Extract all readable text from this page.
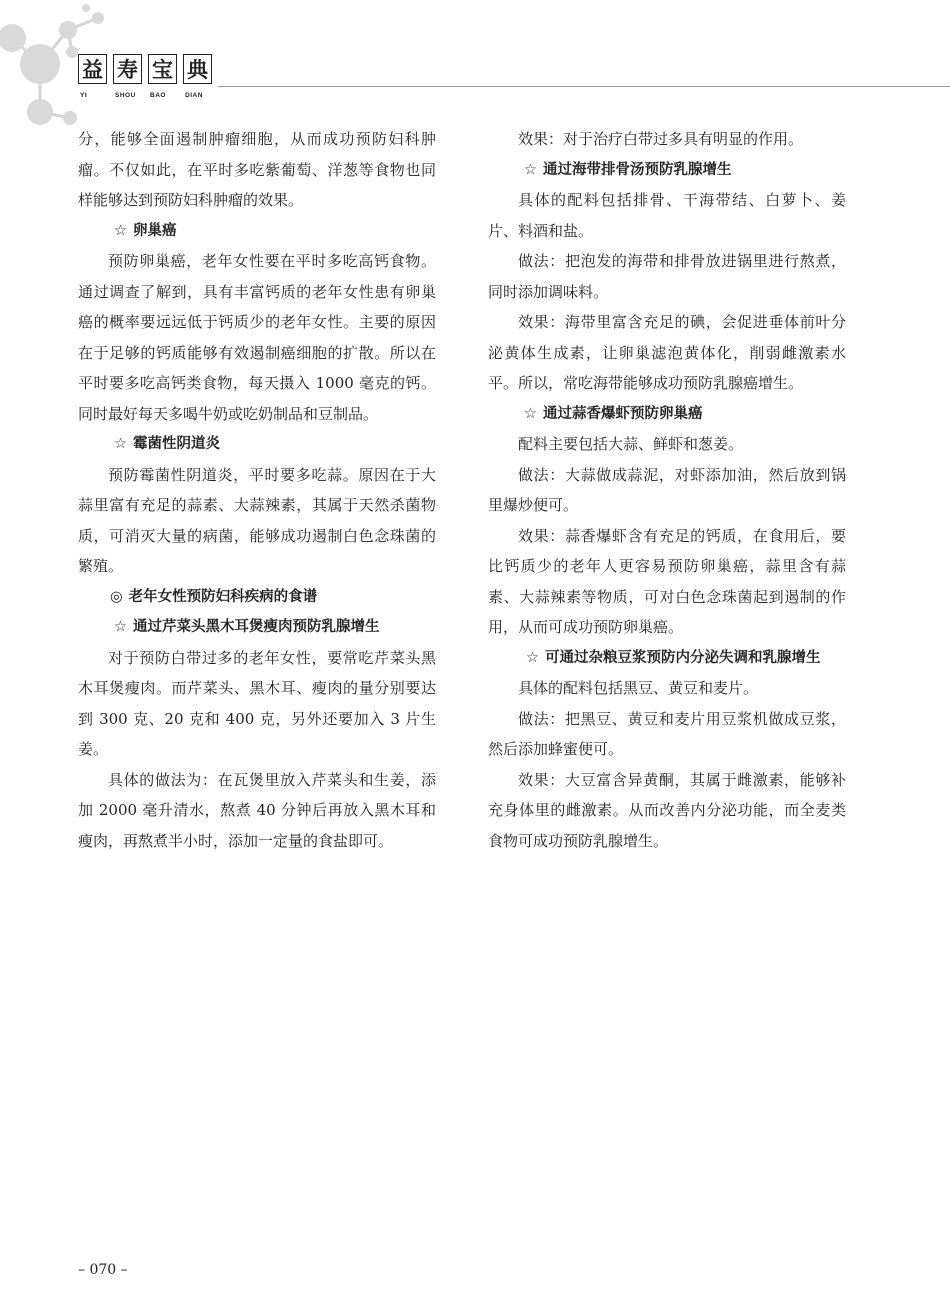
益 寿 宝 典
YI	SHOU	BAO	DIAN

分，能够全面遏制肿瘤细胞，从而成功预防妇科肿瘤。不仅如此，在平时多吃紫葡萄、洋葱等食物也同样能够达到预防妇科肿瘤的效果。

☆ 卵巢癌

预防卵巢癌，老年女性要在平时多吃高钙食物。通过调查了解到，具有丰富钙质的老年女性患有卵巢癌的概率要远远低于钙质少的老年女性。主要的原因在于足够的钙质能够有效遏制癌细胞的扩散。所以在平时要多吃高钙类食物，每天摄入 1000 毫克的钙。同时最好每天多喝牛奶或吃奶制品和豆制品。

☆ 霉菌性阴道炎

预防霉菌性阴道炎，平时要多吃蒜。原因在于大蒜里富有充足的蒜素、大蒜辣素，其属于天然杀菌物质，可消灭大量的病菌，能够成功遏制白色念珠菌的繁殖。

◎ 老年女性预防妇科疾病的食谱

☆ 通过芹菜头黑木耳煲瘦肉预防乳腺增生

对于预防白带过多的老年女性，要常吃芹菜头黑木耳煲瘦肉。而芹菜头、黑木耳、瘦肉的量分别要达到 300 克、20 克和 400 克，另外还要加入 3 片生姜。

具体的做法为：在瓦煲里放入芹菜头和生姜，添加 2000 毫升清水，熬煮 40 分钟后再放入黑木耳和瘦肉，再熬煮半小时，添加一定量的食盐即可。

效果：对于治疗白带过多具有明显的作用。

☆ 通过海带排骨汤预防乳腺增生

具体的配料包括排骨、干海带结、白萝卜、姜片、料酒和盐。

做法：把泡发的海带和排骨放进锅里进行熬煮，同时添加调味料。

效果：海带里富含充足的碘，会促进垂体前叶分泌黄体生成素，让卵巢滤泡黄体化，削弱雌激素水平。所以，常吃海带能够成功预防乳腺癌增生。

☆ 通过蒜香爆虾预防卵巢癌

配料主要包括大蒜、鲜虾和葱姜。

做法：大蒜做成蒜泥，对虾添加油，然后放到锅里爆炒便可。

效果：蒜香爆虾含有充足的钙质，在食用后，要比钙质少的老年人更容易预防卵巢癌，蒜里含有蒜素、大蒜辣素等物质，可对白色念珠菌起到遏制的作用，从而可成功预防卵巢癌。

☆ 可通过杂粮豆浆预防内分泌失调和乳腺增生

具体的配料包括黑豆、黄豆和麦片。

做法：把黑豆、黄豆和麦片用豆浆机做成豆浆，然后添加蜂蜜便可。

效果：大豆富含异黄酮，其属于雌激素，能够补充身体里的雌激素。从而改善内分泌功能，而全麦类食物可成功预防乳腺增生。

– 070 –
